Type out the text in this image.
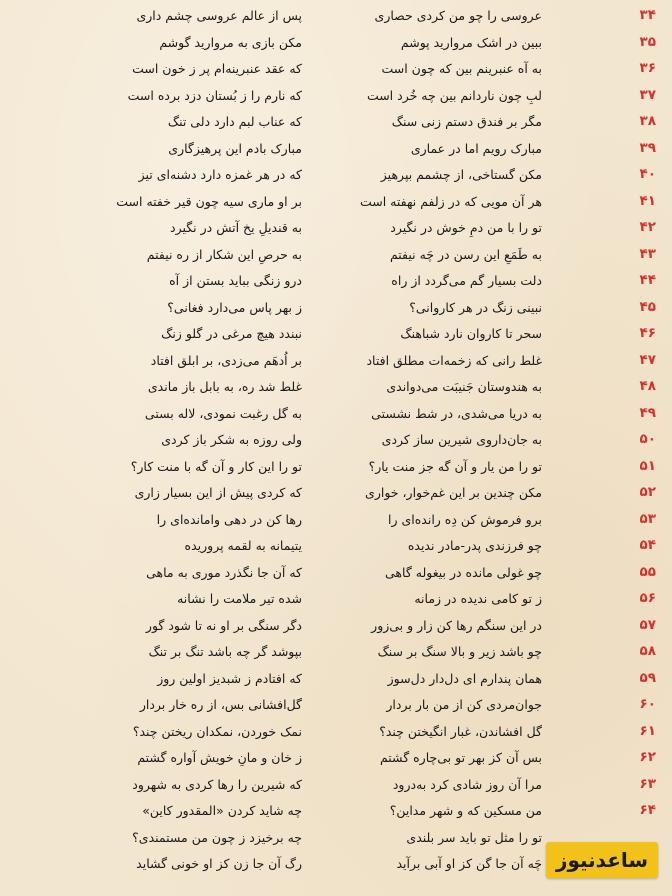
۳۴
عروسی را چو من کردی حصاری
پس از عالم عروسی چشم داری
۳۵
ببین در اشک مروارید پوشم
مکن بازی به مروارید گوشم
۳۶
به آه عنبرینم بین که چون است
که عقد عنبرینه‌ام پر ز خون است
۳۷
لبِ چون ناردانم بین چه خُرد است
که نارم را ز بُستان دزد برده است
۳۸
مگر بر فندق دستم زنی سنگ
که عناب لبم دارد دلی تنگ
۳۹
مبارک رویم اما در عماری
مبارک بادم این پرهیزگاری
۴۰
مکن گستاخی، از چشمم بپرهیز
که در هر غمزه دارد دشنه‌ای تیز
۴۱
هر آن مویی که در زلفم نهفته است
بر او ماری سیه چون قیر خفته است
۴۲
تو را با من دمِ خوش در نگیرد
به قندیلِ یخ آتش در نگیرد
۴۳
به طَمَعِ این رسن در چَه نیفتم
به حرصِ این شکار از ره نیفتم
۴۴
دلت بسیار گم می‌گردد از راه
درو زنگی بباید بستن از آه
۴۵
نبینی زنگ در هر کاروانی؟
ز بهر پاس می‌دارد فغانی؟
۴۶
سحر تا کاروان نارد شباهنگ
نبندد هیچ مرغی در گلو زنگ
۴۷
غلط رانی که زخمه‌ات مطلق افتاد
بر اُدهَم می‌زدی، بر ابلق افتاد
۴۸
به هندوستان جَنیبَت می‌دواندی
غلط شد ره، به بابل باز ماندی
۴۹
به دریا می‌شدی، در شط نشستی
به گل رغبت نمودی، لاله بستی
۵۰
به جان‌داروی شیرین ساز کردی
ولی روزه به شکر باز کردی
۵۱
تو را من یار و آن گه جز منت یار؟
تو را این کار و آن گه با منت کار؟
۵۲
مکن چندین بر این غم‌خوار، خواری
که کردی پیش از این بسیار زاری
۵۳
برو فرموش کن دِه رانده‌ای را
رها کن در دهی وامانده‌ای را
۵۴
چو فرزندی پدر-مادر ندیده
یتیمانه به لقمه پروریده
۵۵
چو غولی مانده در بیغوله گاهی
که آن جا نگذرد موری به ماهی
۵۶
ز تو کامی ندیده در زمانه
شده تیر ملامت را نشانه
۵۷
در این سنگم رها کن زار و بی‌زور
دگر سنگی بر او نه تا شود گور
۵۸
چو باشد زیر و بالا سنگ بر سنگ
بپوشد گر چه باشد تنگ بر تنگ
۵۹
همان پندارم ای دل‌دار دل‌سوز
که افتادم ز شبدیز اولین روز
۶۰
جوان‌مردی کن از من بار بردار
گل‌افشانی بس، از ره خار بردار
۶۱
گل افشاندن، غبار انگیختن چند؟
نمک خوردن، نمکدان ریختن چند؟
۶۲
بس آن کز بهر تو بی‌چاره گشتم
ز خان و مانِ خویش آواره گشتم
۶۳
مرا آن روز شادی کرد به‌درود
که شیرین را رها کردی به شهرود
۶۴
من مسکین که و شهر مداین؟
چه شاید کردن «المقدور کاین»
تو را مثل تو باید سر بلندی
چه برخیزد ز چون من مستمندی؟
چَه آن جا گن کز او آبی برآید
رگ آن جا زن کز او خونی گشاید	ساعدنیوز
